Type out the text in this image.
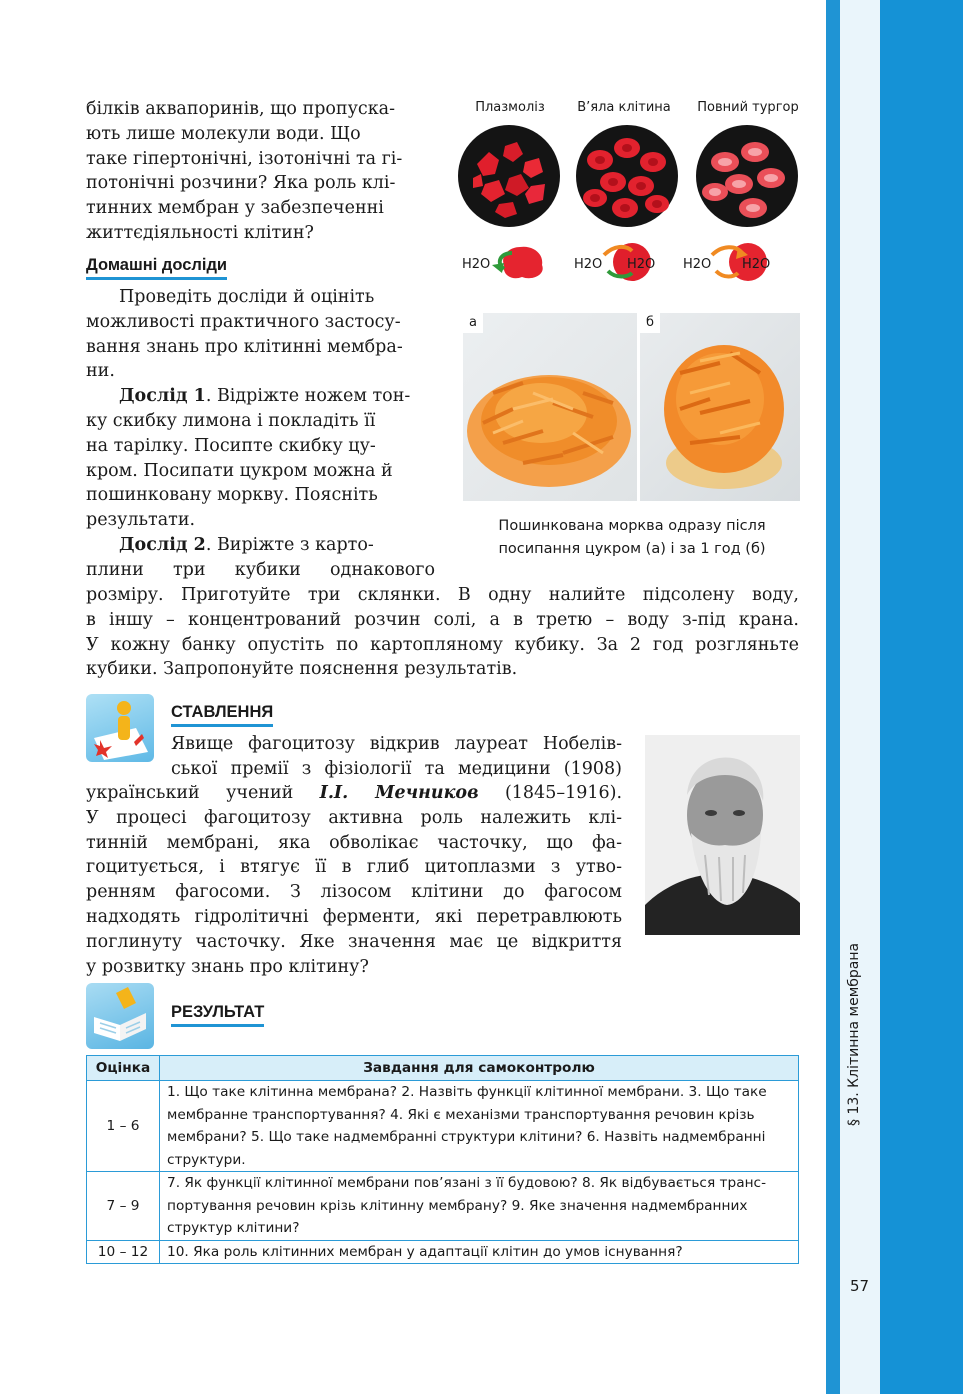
§ 13. Клітинна мембрана
57
білків аквапоринів, що пропуска-
ють лише молекули води. Що
таке гіпертонічні, ізотонічні та гі-
потонічні розчини? Яка роль клі-
тинних мембран у забезпеченні
життєдіяльності клітин?
Домашні досліди
Проведіть досліди й оцініть
можливості практичного застосу-
вання знань про клітинні мембра-
ни.
Дослід 1. Відріжте ножем тон-
ку скибку лимона і покладіть її
на тарілку. Посипте скибку цу-
кром. Посипати цукром можна й
пошинковану моркву. Поясніть
результати.
Дослід 2. Виріжте з карто-
плини три кубики однакового
розміру. Приготуйте три склянки. В одну налийте підсолену воду,
в іншу – концентрований розчин солі, а в третю – воду з-під крана.
У кожну банку опустіть по картопляному кубику. За 2 год розгляньте
кубики. Запропонуйте пояснення результатів.
Плазмоліз	В’яла клітина	Повний тургор
H2O	H2O H2O H2O H2O
а	б
Пошинкована морква одразу після
посипання цукром (а) і за 1 год (б)
СТАВЛЕННЯ
Явище фагоцитозу відкрив лауреат Нобелів-
ської премії з фізіології та медицини (1908)
український учений І.І. Мечников (1845–1916).
У процесі фагоцитозу активна роль належить клі-
тинній мембрані, яка обволікає часточку, що фа-
гоцитується, і втягує її в глиб цитоплазми з утво-
ренням фагосоми. З лізосом клітини до фагосом
надходять гідролітичні ферменти, які перетравлюють
поглинуту часточку. Яке значення має це відкриття
у розвитку знань про клітину?
РЕЗУЛЬТАТ
Оцінка	Завдання для самоконтролю
1 – 6	1. Що таке клітинна мембрана? 2. Назвіть функції клітинної мембрани. 3. Що таке мембранне транспортування? 4. Які є механізми транспортування речовин крізь мембрани? 5. Що таке надмембранні структури клітини? 6. Назвіть надмембранні структури.
7 – 9	7. Як функції клітинної мембрани пов’язані з її будовою? 8. Як відбувається транспортування речовин крізь клітинну мембрану? 9. Яке значення надмембранних структур клітини?
10 – 12	10. Яка роль клітинних мембран у адаптації клітин до умов існування?
